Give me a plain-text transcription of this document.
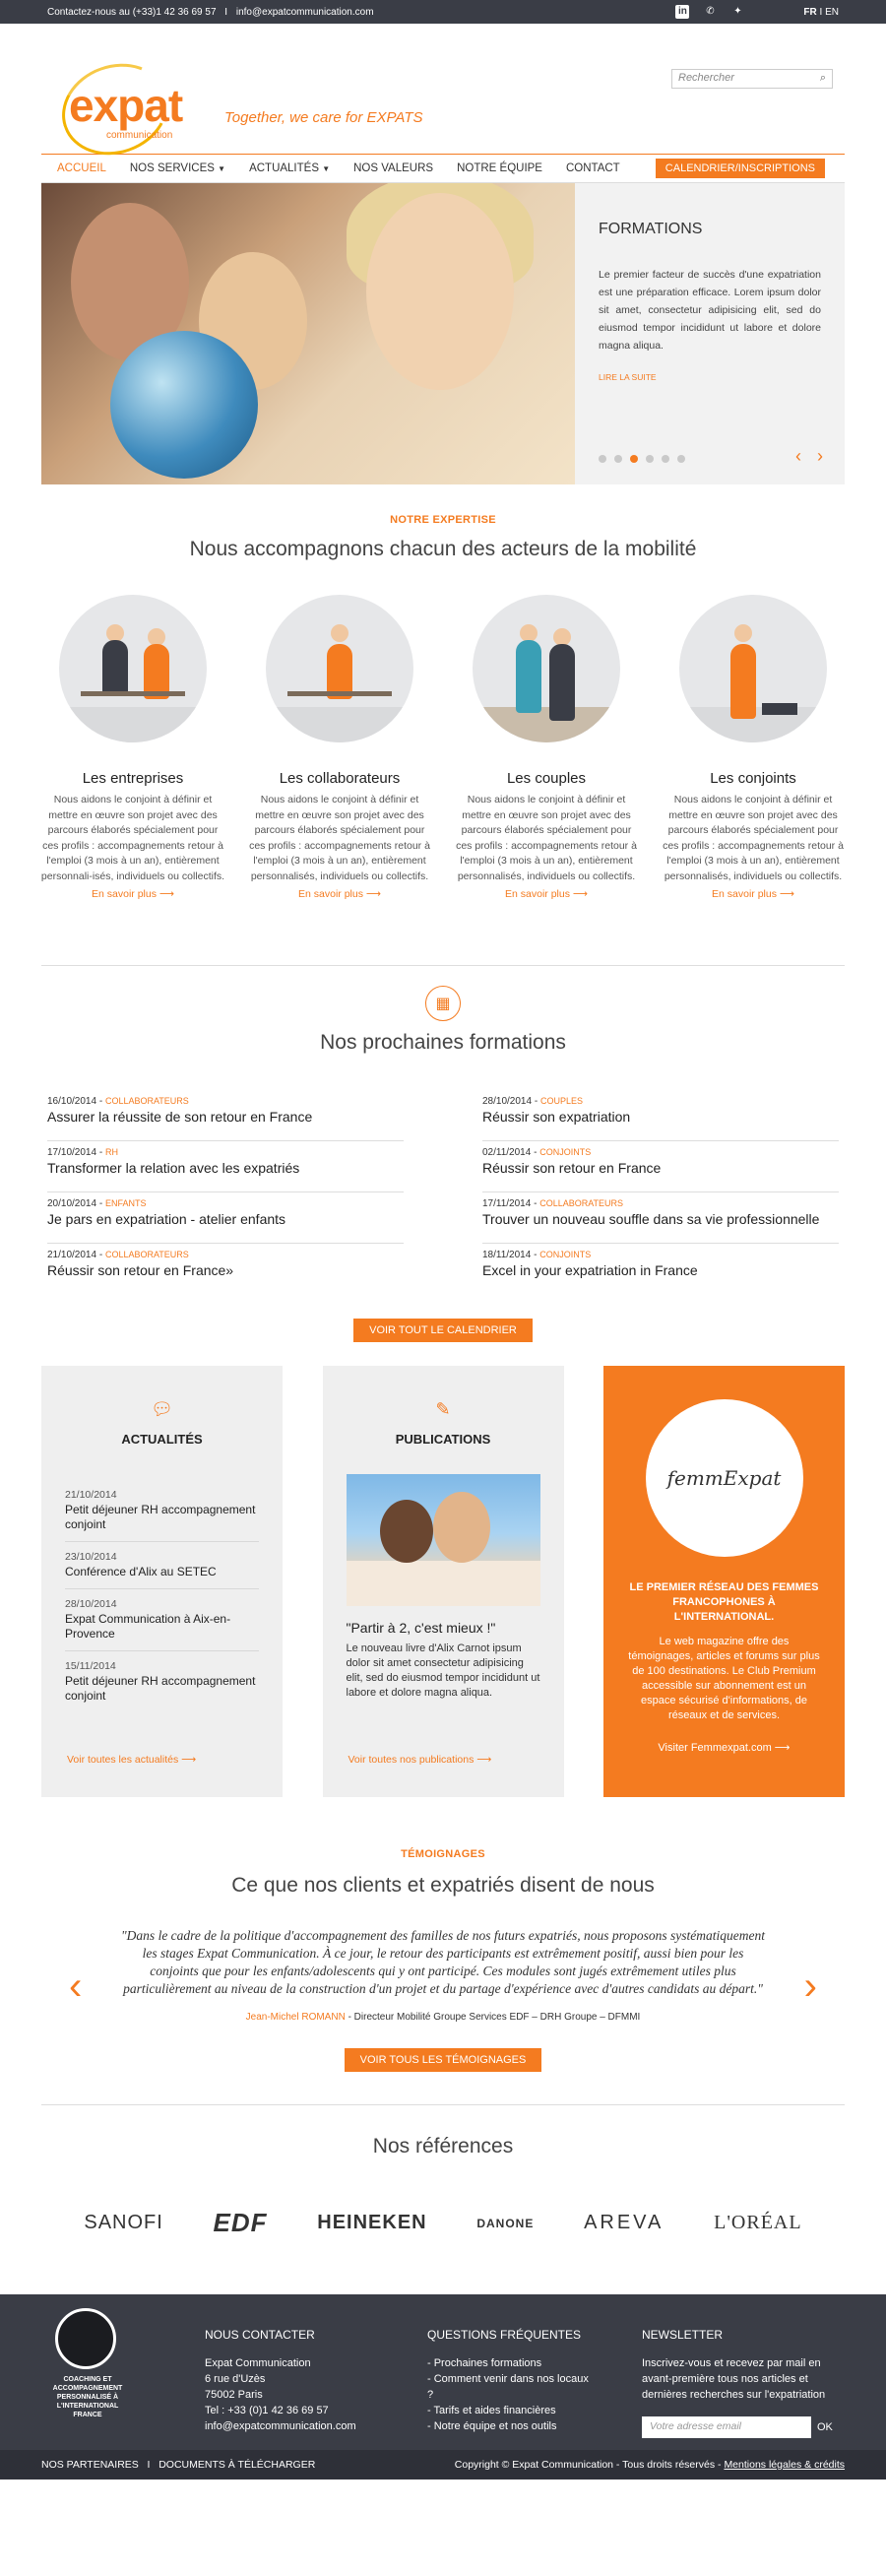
Contactez-nous au (+33)1 42 36 69 57 I info@expatcommunication.com	in ✆ ✦	FR I EN
expat
communication
Together, we care for EXPATS
Rechercher	⌕
ACCUEIL NOS SERVICES ▼ ACTUALITÉS ▼ NOS VALEURS NOTRE ÉQUIPE CONTACT	CALENDRIER/INSCRIPTIONS
FORMATIONS

Le premier facteur de succès d'une expatriation est une préparation efficace. Lorem ipsum dolor sit amet, consectetur adipisicing elit, sed do eiusmod tempor incididunt ut labore et dolore magna aliqua.

LIRE LA SUITE
‹ ›
NOTRE EXPERTISE
Nous accompagnons chacun des acteurs de la mobilité
Les entreprises

Nous aidons le conjoint à définir et mettre en œuvre son projet avec des parcours élaborés spécialement pour ces profils : accompagnements retour à l'emploi (3 mois à un an), entièrement personnali-isés, individuels ou collectifs.

En savoir plus ⟶
Les collaborateurs

Nous aidons le conjoint à définir et mettre en œuvre son projet avec des parcours élaborés spécialement pour ces profils : accompagnements retour à l'emploi (3 mois à un an), entièrement personnalisés, individuels ou collectifs.

En savoir plus ⟶
Les couples

Nous aidons le conjoint à définir et mettre en œuvre son projet avec des parcours élaborés spécialement pour ces profils : accompagnements retour à l'emploi (3 mois à un an), entièrement personnalisés, individuels ou collectifs.

En savoir plus ⟶
Les conjoints

Nous aidons le conjoint à définir et mettre en œuvre son projet avec des parcours élaborés spécialement pour ces profils : accompagnements retour à l'emploi (3 mois à un an), entièrement personnalisés, individuels ou collectifs.

En savoir plus ⟶
▦
Nos prochaines formations
16/10/2014 - COLLABORATEURS
Assurer la réussite de son retour en France
28/10/2014 - COUPLES
Réussir son expatriation
17/10/2014 - RH
Transformer la relation avec les expatriés
02/11/2014 - CONJOINTS
Réussir son retour en France
20/10/2014 - ENFANTS
Je pars en expatriation - atelier enfants
17/11/2014 - COLLABORATEURS
Trouver un nouveau souffle dans sa vie professionnelle
21/10/2014 - COLLABORATEURS
Réussir son retour en France»
18/11/2014 - CONJOINTS
Excel in your expatriation in France
VOIR TOUT LE CALENDRIER
💬︎
ACTUALITÉS
21/10/2014
Petit déjeuner RH accompagnement conjoint
23/10/2014
Conférence d'Alix au SETEC
28/10/2014
Expat Communication à Aix-en-Provence
15/11/2014
Petit déjeuner RH accompagnement conjoint
Voir toutes les actualités ⟶
✎
PUBLICATIONS
"Partir à 2, c'est mieux !"
Le nouveau livre d'Alix Carnot ipsum dolor sit amet consectetur adipisicing elit, sed do eiusmod tempor incididunt ut labore et dolore magna aliqua.
Voir toutes nos publications ⟶
femmExpat
LE PREMIER RÉSEAU DES FEMMES FRANCOPHONES À L'INTERNATIONAL.

Le web magazine offre des témoignages, articles et forums sur plus de 100 destinations. Le Club Premium accessible sur abonnement est un espace sécurisé d'informations, de réseaux et de services.

Visiter Femmexpat.com ⟶
TÉMOIGNAGES
Ce que nos clients et expatriés disent de nous
‹	›
"Dans le cadre de la politique d'accompagnement des familles de nos futurs expatriés, nous proposons systématiquement les stages Expat Communication. À ce jour, le retour des participants est extrêmement positif, aussi bien pour les conjoints que pour les enfants/adolescents qui y ont participé. Ces modules sont jugés extrêmement utiles plus particulièrement au niveau de la construction d'un projet et du partage d'expérience avec d'autres candidats au départ."
Jean-Michel ROMANN - Directeur Mobilité Groupe Services EDF – DRH Groupe – DFMMI
VOIR TOUS LES TÉMOIGNAGES
Nos références
SANOFI EDF	HEINEKEN	DANONE	AREVA	L'ORÉAL
COACHING ET
ACCOMPAGNEMENT
PERSONNALISÉ À
L'INTERNATIONAL
FRANCE
NOUS CONTACTER
Expat Communication
6 rue d'Uzès
75002 Paris
Tel : +33 (0)1 42 36 69 57
info@expatcommunication.com
QUESTIONS FRÉQUENTES
- Prochaines formations
- Comment venir dans nos locaux ?
- Tarifs et aides financières
- Notre équipe et nos outils
NEWSLETTER
Inscrivez-vous et recevez par mail en avant-première tous nos articles et dernières recherches sur l'expatriation
Votre adresse email	OK
NOS PARTENAIRES   I   DOCUMENTS À TÉLÉCHARGER	Copyright © Expat Communication - Tous droits réservés - Mentions légales & crédits
